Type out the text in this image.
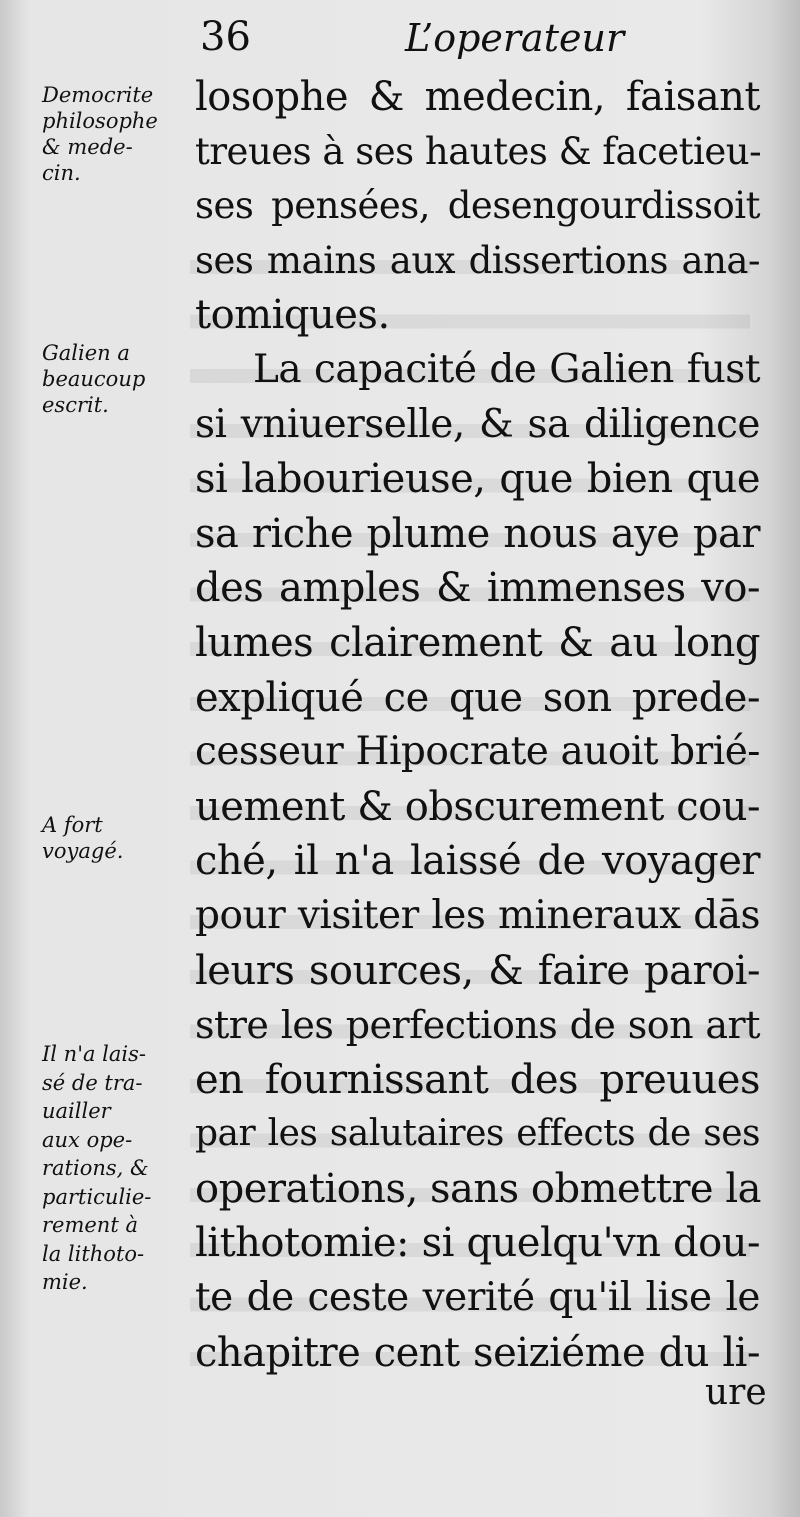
36	L’operateur
Democrite
philosophe
& mede-
cin.
Galien a
beaucoup
escrit.
A fort
voyagé.
Il n'a lais-
sé de tra-
uailler
aux ope-
rations, &
particulie-
rement à
la lithoto-
mie.
losophe & medecin, faisant
treues à ses hautes & facetieu-
ses pensées, desengourdissoit
ses mains aux dissertions ana-
tomiques.
La capacité de Galien fust
si vniuerselle, & sa diligence
si labourieuse, que bien que
sa riche plume nous aye par
des amples & immenses vo-
lumes clairement & au long
expliqué ce que son prede-
cesseur Hipocrate auoit brié-
uement & obscurement cou-
ché, il n'a laissé de voyager
pour visiter les mineraux dās
leurs sources, & faire paroi-
stre les perfections de son art
en fournissant des preuues
par les salutaires effects de ses
operations, sans obmettre la
lithotomie: si quelqu'vn dou-
te de ceste verité qu'il lise le
chapitre cent seiziéme du li-
ure
